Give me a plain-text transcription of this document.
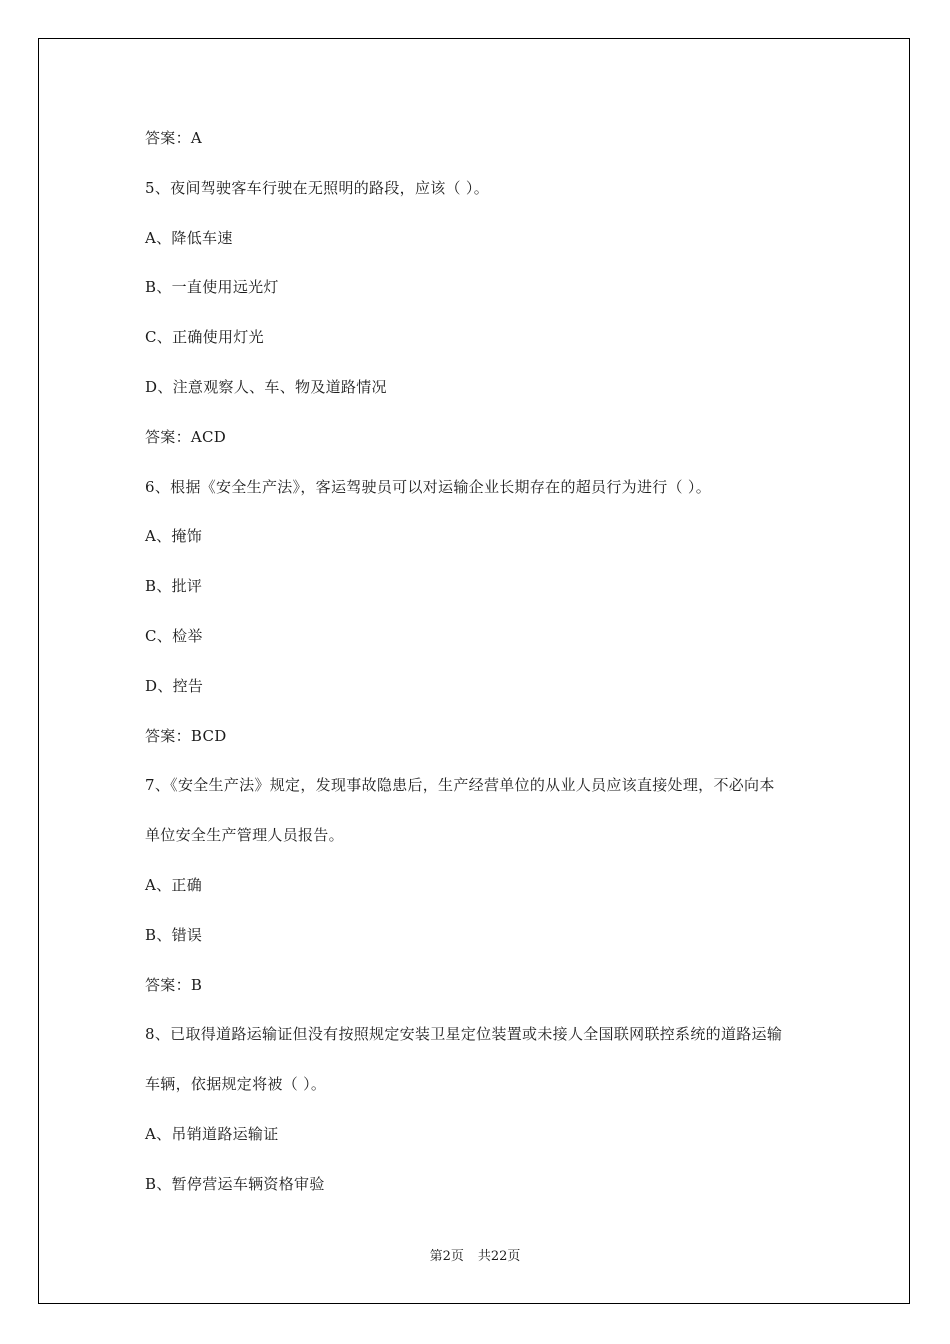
答案：A
5、夜间驾驶客车行驶在无照明的路段，应该（ ）。
A、降低车速
B、一直使用远光灯
C、正确使用灯光
D、注意观察人、车、物及道路情况
答案：ACD
6、根据《安全生产法》，客运驾驶员可以对运输企业长期存在的超员行为进行（ ）。
A、掩饰
B、批评
C、检举
D、控告
答案：BCD
7、《安全生产法》规定，发现事故隐患后，生产经营单位的从业人员应该直接处理，不必向本
单位安全生产管理人员报告。
A、正确
B、错误
答案：B
8、已取得道路运输证但没有按照规定安装卫星定位装置或未接人全国联网联控系统的道路运输
车辆，依据规定将被（ ）。
A、吊销道路运输证
B、暂停营运车辆资格审验
第2页 共22页
